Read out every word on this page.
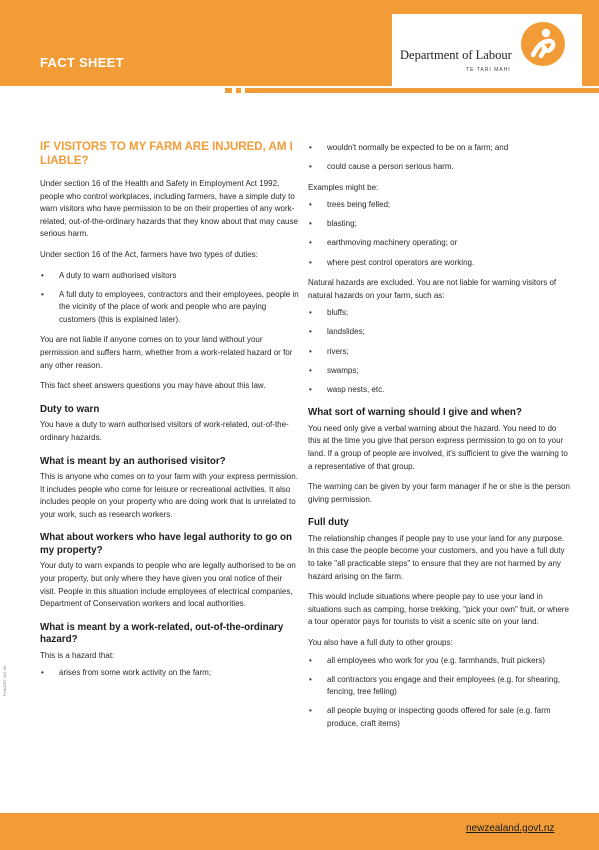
FACT SHEET	Department of Labour
TE TARI MAHI
PLA0257 JUL 99
IF VISITORS TO MY FARM ARE INJURED, AM I LIABLE?

Under section 16 of the Health and Safety in Employment Act 1992, people who control workplaces, including farmers, have a simple duty to warn visitors who have permission to be on their properties of any work-related, out-of-the-ordinary hazards that they know about that may cause serious harm.

Under section 16 of the Act, farmers have two types of duties:

• A duty to warn authorised visitors
• A full duty to employees, contractors and their employees, people in the vicinity of the place of work and people who are paying customers (this is explained later).

You are not liable if anyone comes on to your land without your permission and suffers harm, whether from a work-related hazard or for any other reason.

This fact sheet answers questions you may have about this law.

Duty to warn

You have a duty to warn authorised visitors of work-related, out-of-the-ordinary hazards.

What is meant by an authorised visitor?

This is anyone who comes on to your farm with your express permission. It includes people who come for leisure or recreational activities. It also includes people on your property who are doing work that is unrelated to your work, such as research workers.

What about workers who have legal authority to go on my property?

Your duty to warn expands to people who are legally authorised to be on your property, but only where they have given you oral notice of their visit. People in this situation include employees of electrical companies, Department of Conservation workers and local authorities.

What is meant by a work-related, out-of-the-ordinary hazard?

This is a hazard that:

• arises from some work activity on the farm;
• wouldn't normally be expected to be on a farm; and
• could cause a person serious harm.

Examples might be:

• trees being felled;
• blasting;
• earthmoving machinery operating; or
• where pest control operators are working.

Natural hazards are excluded. You are not liable for warning visitors of natural hazards on your farm, such as:

• bluffs;
• landslides;
• rivers;
• swamps;
• wasp nests, etc.
What sort of warning should I give and when?

You need only give a verbal warning about the hazard. You need to do this at the time you give that person express permission to go on to your land. If a group of people are involved, it's sufficient to give the warning to a representative of that group.

The warning can be given by your farm manager if he or she is the person giving permission.

Full duty

The relationship changes if people pay to use your land for any purpose. In this case the people become your customers, and you have a full duty to take "all practicable steps" to ensure that they are not harmed by any hazard arising on the farm.

This would include situations where people pay to use your land in situations such as camping, horse trekking, "pick your own" fruit, or where a tour operator pays for tourists to visit a scenic site on your land.

You also have a full duty to other groups:

• all employees who work for you (e.g. farmhands, fruit pickers)
• all contractors you engage and their employees (e.g. for shearing, fencing, tree felling)
• all people buying or inspecting goods offered for sale (e.g. farm produce, craft items)
newzealand.govt.nz
